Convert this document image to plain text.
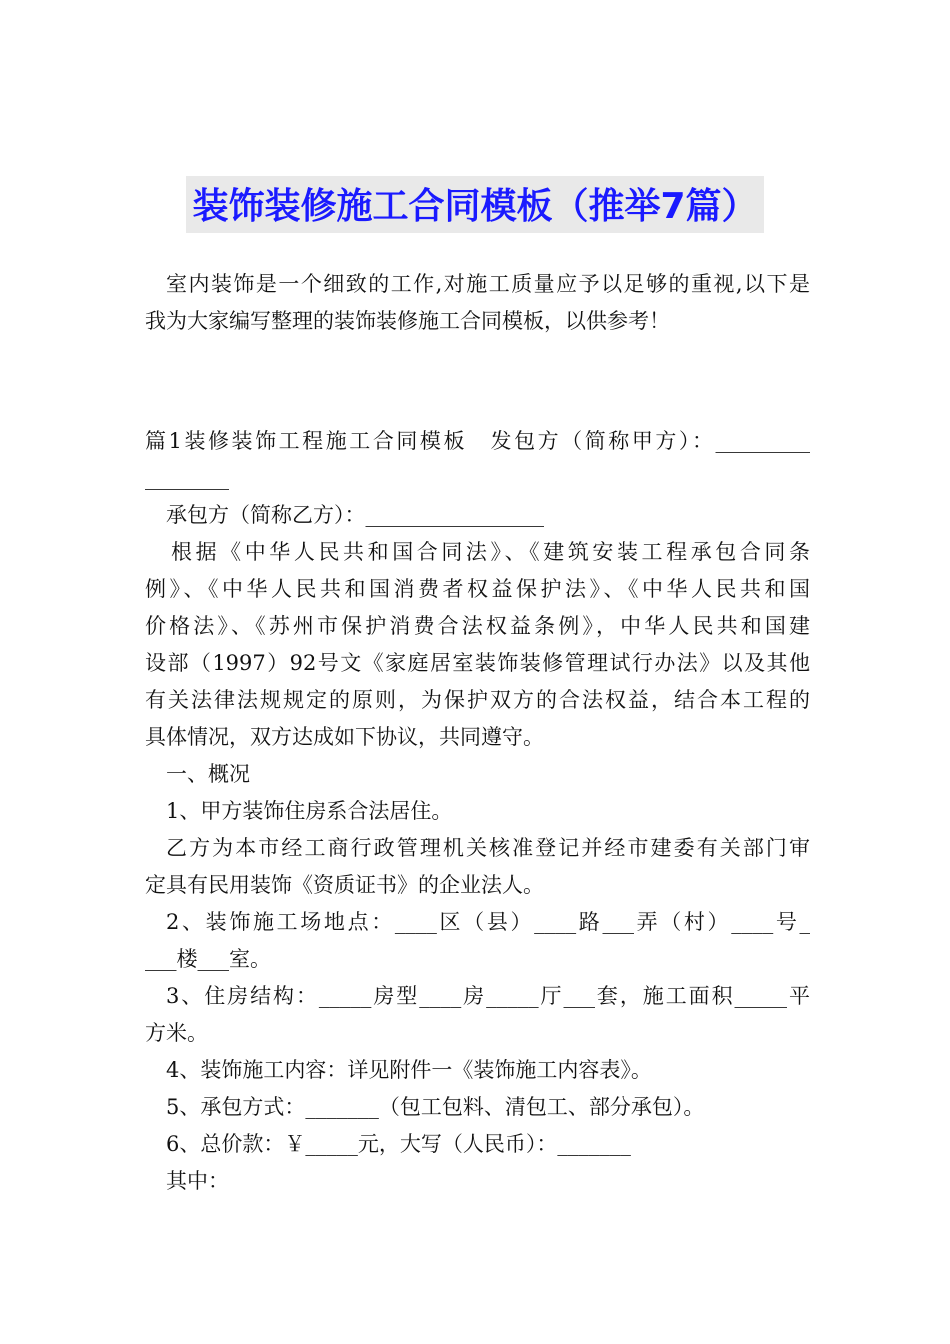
装饰装修施工合同模板（推举7篇）
室内装饰是一个细致的工作,对施工质量应予以足够的重视,以下是
我为大家编写整理的装饰装修施工合同模板，以供参考！
篇1装修装饰工程施工合同模板　发包方（简称甲方）：_________
________
承包方（简称乙方）：_________________
根据《中华人民共和国合同法》、《建筑安装工程承包合同条
例》、《中华人民共和国消费者权益保护法》、《中华人民共和国
价格法》、《苏州市保护消费合法权益条例》，中华人民共和国建
设部（1997）92号文《家庭居室装饰装修管理试行办法》以及其他
有关法律法规规定的原则，为保护双方的合法权益，结合本工程的
具体情况，双方达成如下协议，共同遵守。
一、概况
1、甲方装饰住房系合法居住。
乙方为本市经工商行政管理机关核准登记并经市建委有关部门审
定具有民用装饰《资质证书》的企业法人。
2、装饰施工场地点：____区（县）____路___弄（村）____号_
___楼___室。
3、住房结构：_____房型____房_____厅___套，施工面积_____平
方米。
4、装饰施工内容：详见附件一《装饰施工内容表》。
5、承包方式：_______（包工包料、清包工、部分承包）。
6、总价款：￥_____元，大写（人民币）：_______
其中：
